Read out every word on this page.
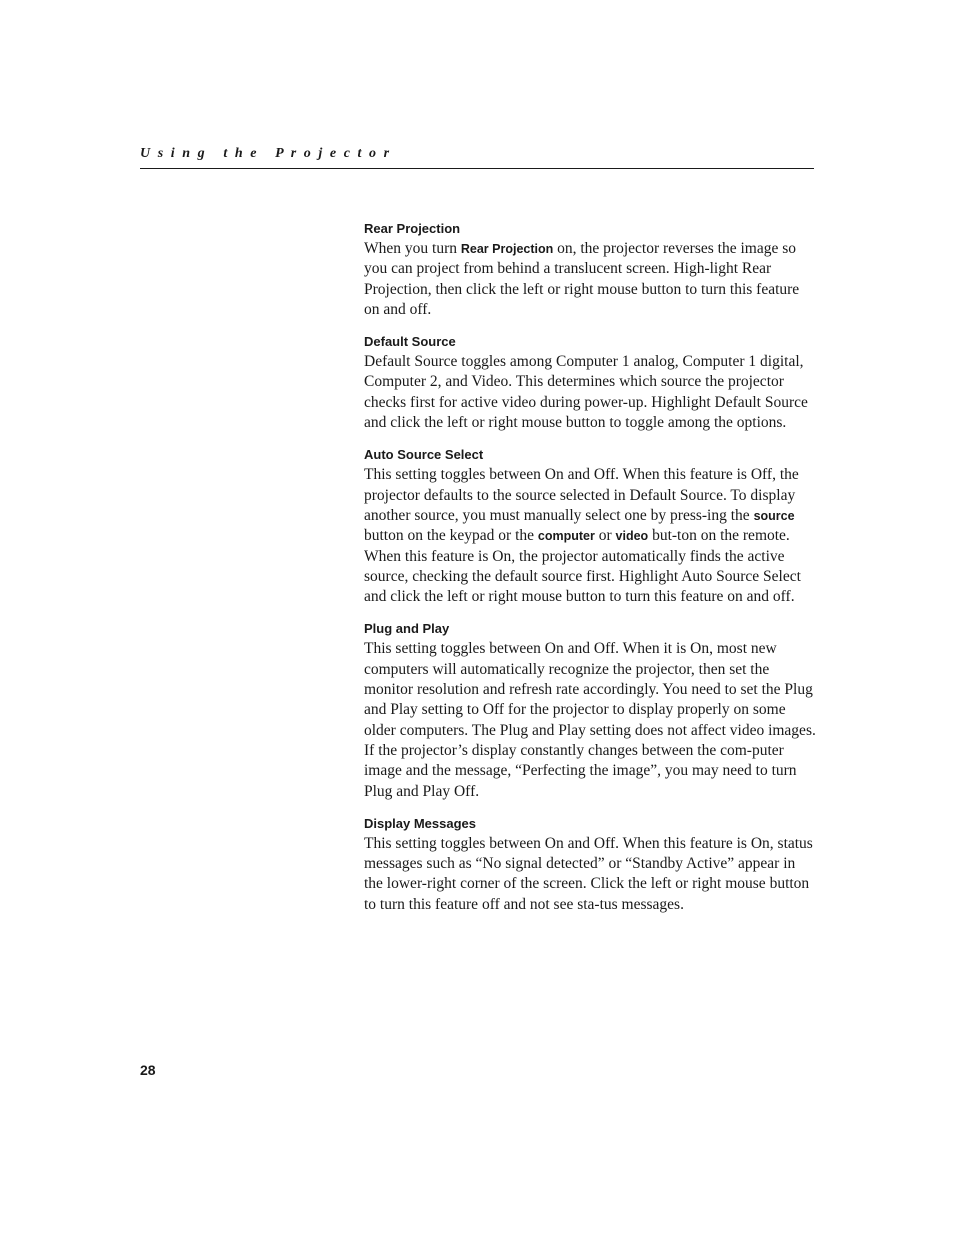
U  s  i  n  g     t  h  e     P  r  o  j  e  c  t  o  r
Rear Projection

When you turn Rear Projection on, the projector reverses the image so you can project from behind a translucent screen. High-light Rear Projection, then click the left or right mouse button to turn this feature on and off.

Default Source

Default Source toggles among Computer 1 analog, Computer 1 digital, Computer 2, and Video. This determines which source the projector checks first for active video during power-up. Highlight Default Source and click the left or right mouse button to toggle among the options.

Auto Source Select

This setting toggles between On and Off. When this feature is Off, the projector defaults to the source selected in Default Source. To display another source, you must manually select one by press-ing the source button on the keypad or the computer or video but-ton on the remote. When this feature is On, the projector automatically finds the active source, checking the default source first. Highlight Auto Source Select and click the left or right mouse button to turn this feature on and off.

Plug and Play

This setting toggles between On and Off. When it is On, most new computers will automatically recognize the projector, then set the monitor resolution and refresh rate accordingly. You need to set the Plug and Play setting to Off for the projector to display properly on some older computers. The Plug and Play setting does not affect video images.

If the projector’s display constantly changes between the com-puter image and the message, “Perfecting the image”, you may need to turn Plug and Play Off.

Display Messages

This setting toggles between On and Off. When this feature is On, status messages such as “No signal detected” or “Standby Active” appear in the lower-right corner of the screen. Click the left or right mouse button to turn this feature off and not see sta-tus messages.

28
